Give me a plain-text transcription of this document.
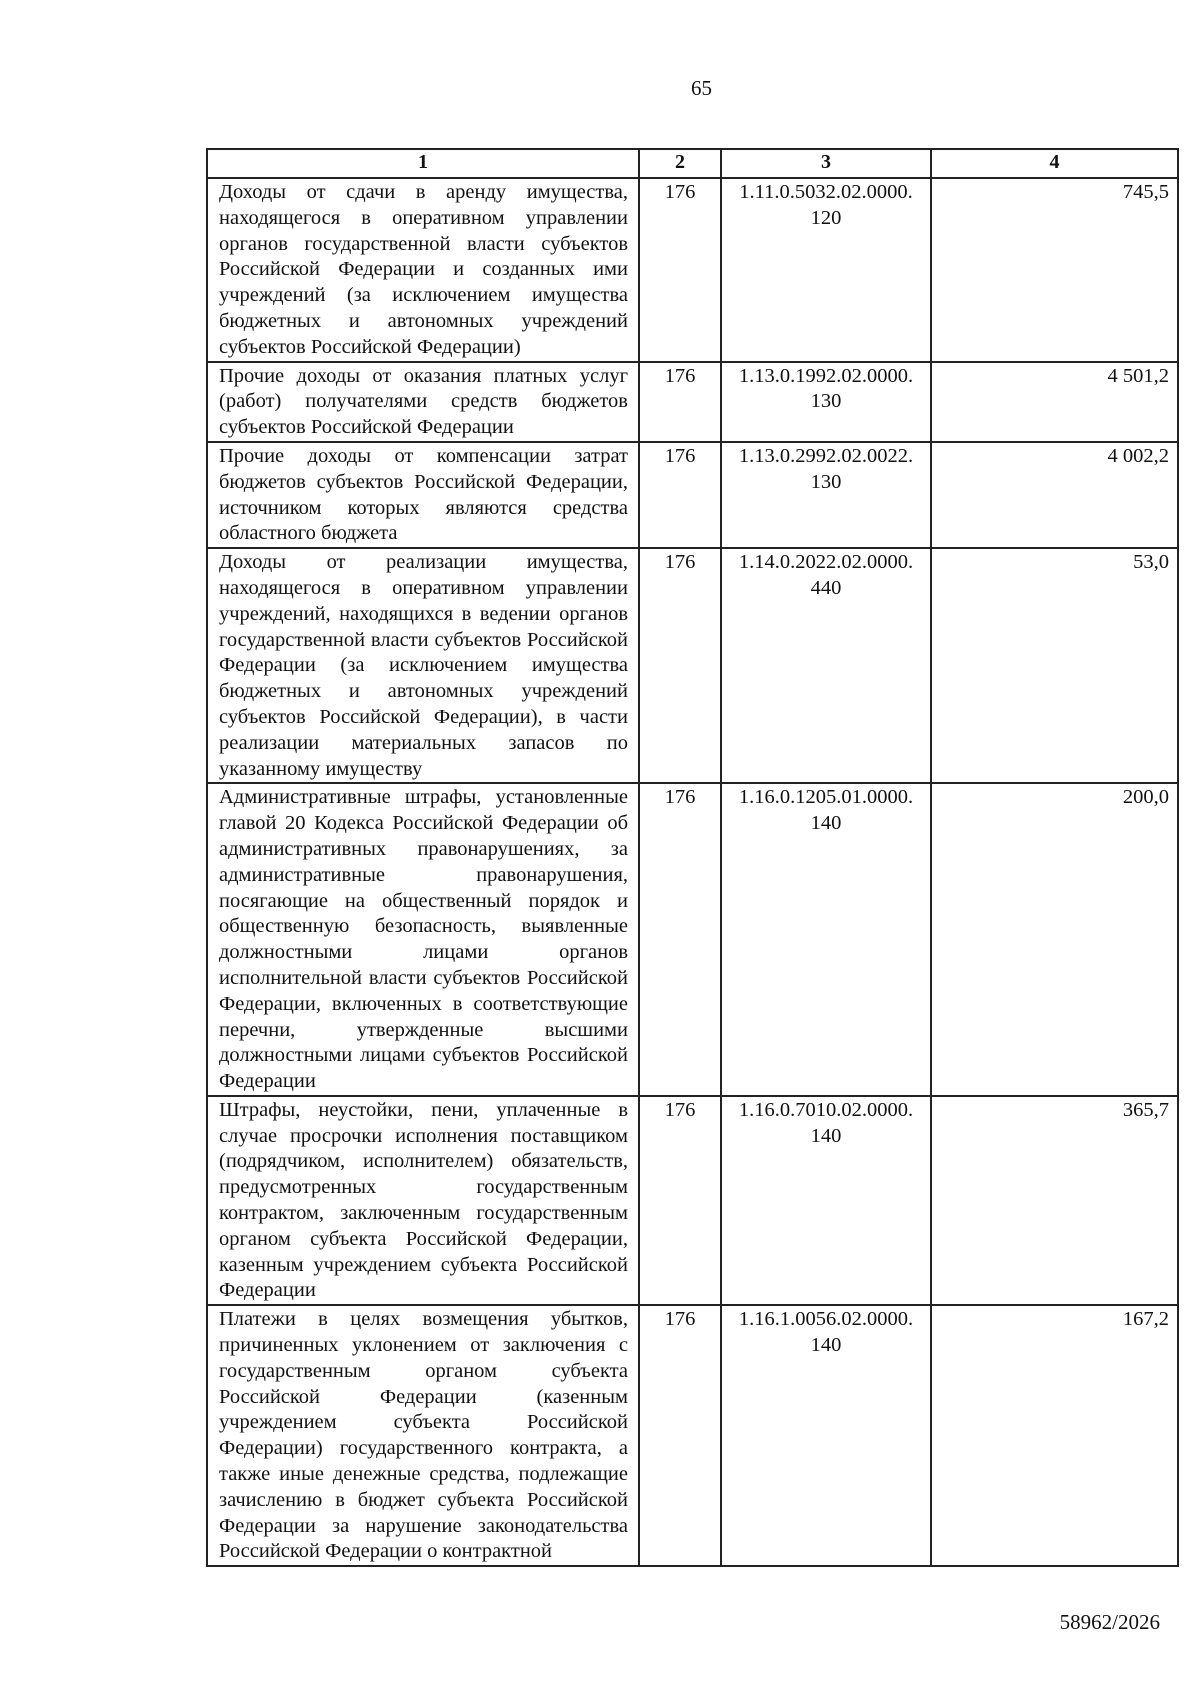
65
1	2	3	4
Доходы от сдачи в аренду имущества, находящегося в оперативном управлении органов государственной власти субъектов Российской Федерации и созданных ими учреждений (за исключением имущества бюджетных и автономных учреждений субъектов Российской Федерации)	176	1.11.0.5032.02.0000.
120	745,5
Прочие доходы от оказания платных услуг (работ) получателями средств бюджетов субъектов Российской Федерации	176	1.13.0.1992.02.0000.
130	4 501,2
Прочие доходы от компенсации затрат бюджетов субъектов Российской Федерации, источником которых являются средства областного бюджета	176	1.13.0.2992.02.0022.
130	4 002,2
Доходы от реализации имущества, находящегося в оперативном управлении учреждений, находящихся в ведении органов государственной власти субъектов Российской Федерации (за исключением имущества бюджетных и автономных учреждений субъектов Российской Федерации), в части реализации материальных запасов по указанному имуществу	176	1.14.0.2022.02.0000.
440	53,0
Административные штрафы, установленные главой 20 Кодекса Российской Федерации об административных правонарушениях, за административные правонарушения, посягающие на общественный порядок и общественную безопасность, выявленные должностными лицами органов исполнительной власти субъектов Российской Федерации, включенных в соответствующие перечни, утвержденные высшими должностными лицами субъектов Российской Федерации	176	1.16.0.1205.01.0000.
140	200,0
Штрафы, неустойки, пени, уплаченные в случае просрочки исполнения поставщиком (подрядчиком, исполнителем) обязательств, предусмотренных государственным контрактом, заключенным государственным органом субъекта Российской Федерации, казенным учреждением субъекта Российской Федерации	176	1.16.0.7010.02.0000.
140	365,7
Платежи в целях возмещения убытков, причиненных уклонением от заключения с государственным органом субъекта Российской Федерации (казенным учреждением субъекта Российской Федерации) государственного контракта, а также иные денежные средства, подлежащие зачислению в бюджет субъекта Российской Федерации за нарушение законодательства Российской Федерации о контрактной	176	1.16.1.0056.02.0000.
140	167,2
58962/2026
